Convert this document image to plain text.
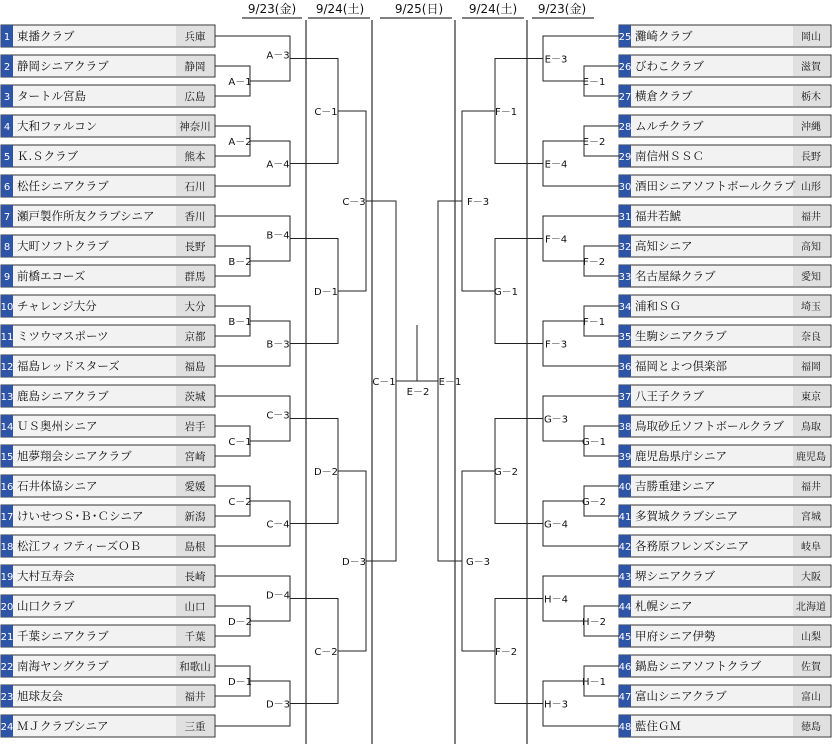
9/23(金) 9/24(土)	9/25(日) 9/24(土) 9/23(金)
1 東播クラブ	兵庫
2 静岡シニアクラブ	静岡
3 タートル宮島	広島
4 大和ファルコン	神奈川
5 Ｋ.Ｓクラブ	熊本
6 松任シニアクラブ	石川
7 瀬戸製作所友クラブシニア	香川
8 大町ソフトクラブ	長野
9 前橋エコーズ	群馬
10 チャレンジ大分	大分
11 ミツウマスポーツ	京都
12 福島レッドスターズ	福島
13 鹿島シニアクラブ	茨城
14 ＵＳ奥州シニア	岩手
15 旭夢翔会シニアクラブ	宮崎
16 石井体協シニア	愛媛
17 けいせつＳ･Ｂ･Ｃシニア	新潟
18 松江フィフティーズＯＢ	島根
19 大村互寿会	長崎
20 山口クラブ	山口
21 千葉シニアクラブ	千葉
22 南海ヤングクラブ	和歌山
23 旭球友会	福井
24 ＭＪクラブシニア	三重
25 灘崎クラブ	岡山
26 びわこクラブ	滋賀
27 横倉クラブ	栃木
28 ムルチクラブ	沖縄
29 南信州ＳＳＣ	長野
30 酒田シニアソフトボールクラブ 山形
31 福井若鯱	福井
32 高知シニア	高知
33 名古屋緑クラブ	愛知
34 浦和ＳＧ	埼玉
35 生駒シニアクラブ	奈良
36 福岡とよつ倶楽部	福岡
37 八王子クラブ	東京
38 鳥取砂丘ソフトボールクラブ 鳥取
39 鹿児島県庁シニア	鹿児島
40 吉勝重建シニア	福井
41 多賀城クラブシニア	宮城
42 各務原フレンズシニア	岐阜
43 堺シニアクラブ	大阪
44 札幌シニア	北海道
45 甲府シニア伊勢	山梨
46 鍋島シニアソフトクラブ	佐賀
47 富山シニアクラブ	富山
48 藍住ＧＭ	徳島
A－1
A－3
A－2
A－4
B－2
B－4
B－1
B－3
C－1
C－3
C－2
C－4
D－2
D－4
D－1
D－3
C－1
D－1
D－2
C－2
C－3
D－3
C－1
E－1
E－3
E－2
E－4
F－2
F－4
F－1
F－3
G－1
G－3
G－2
G－4
H－2
H－4
H－1
H－3
F－1
G－1
G－2
F－2
F－3
G－3
E－1
E－2
